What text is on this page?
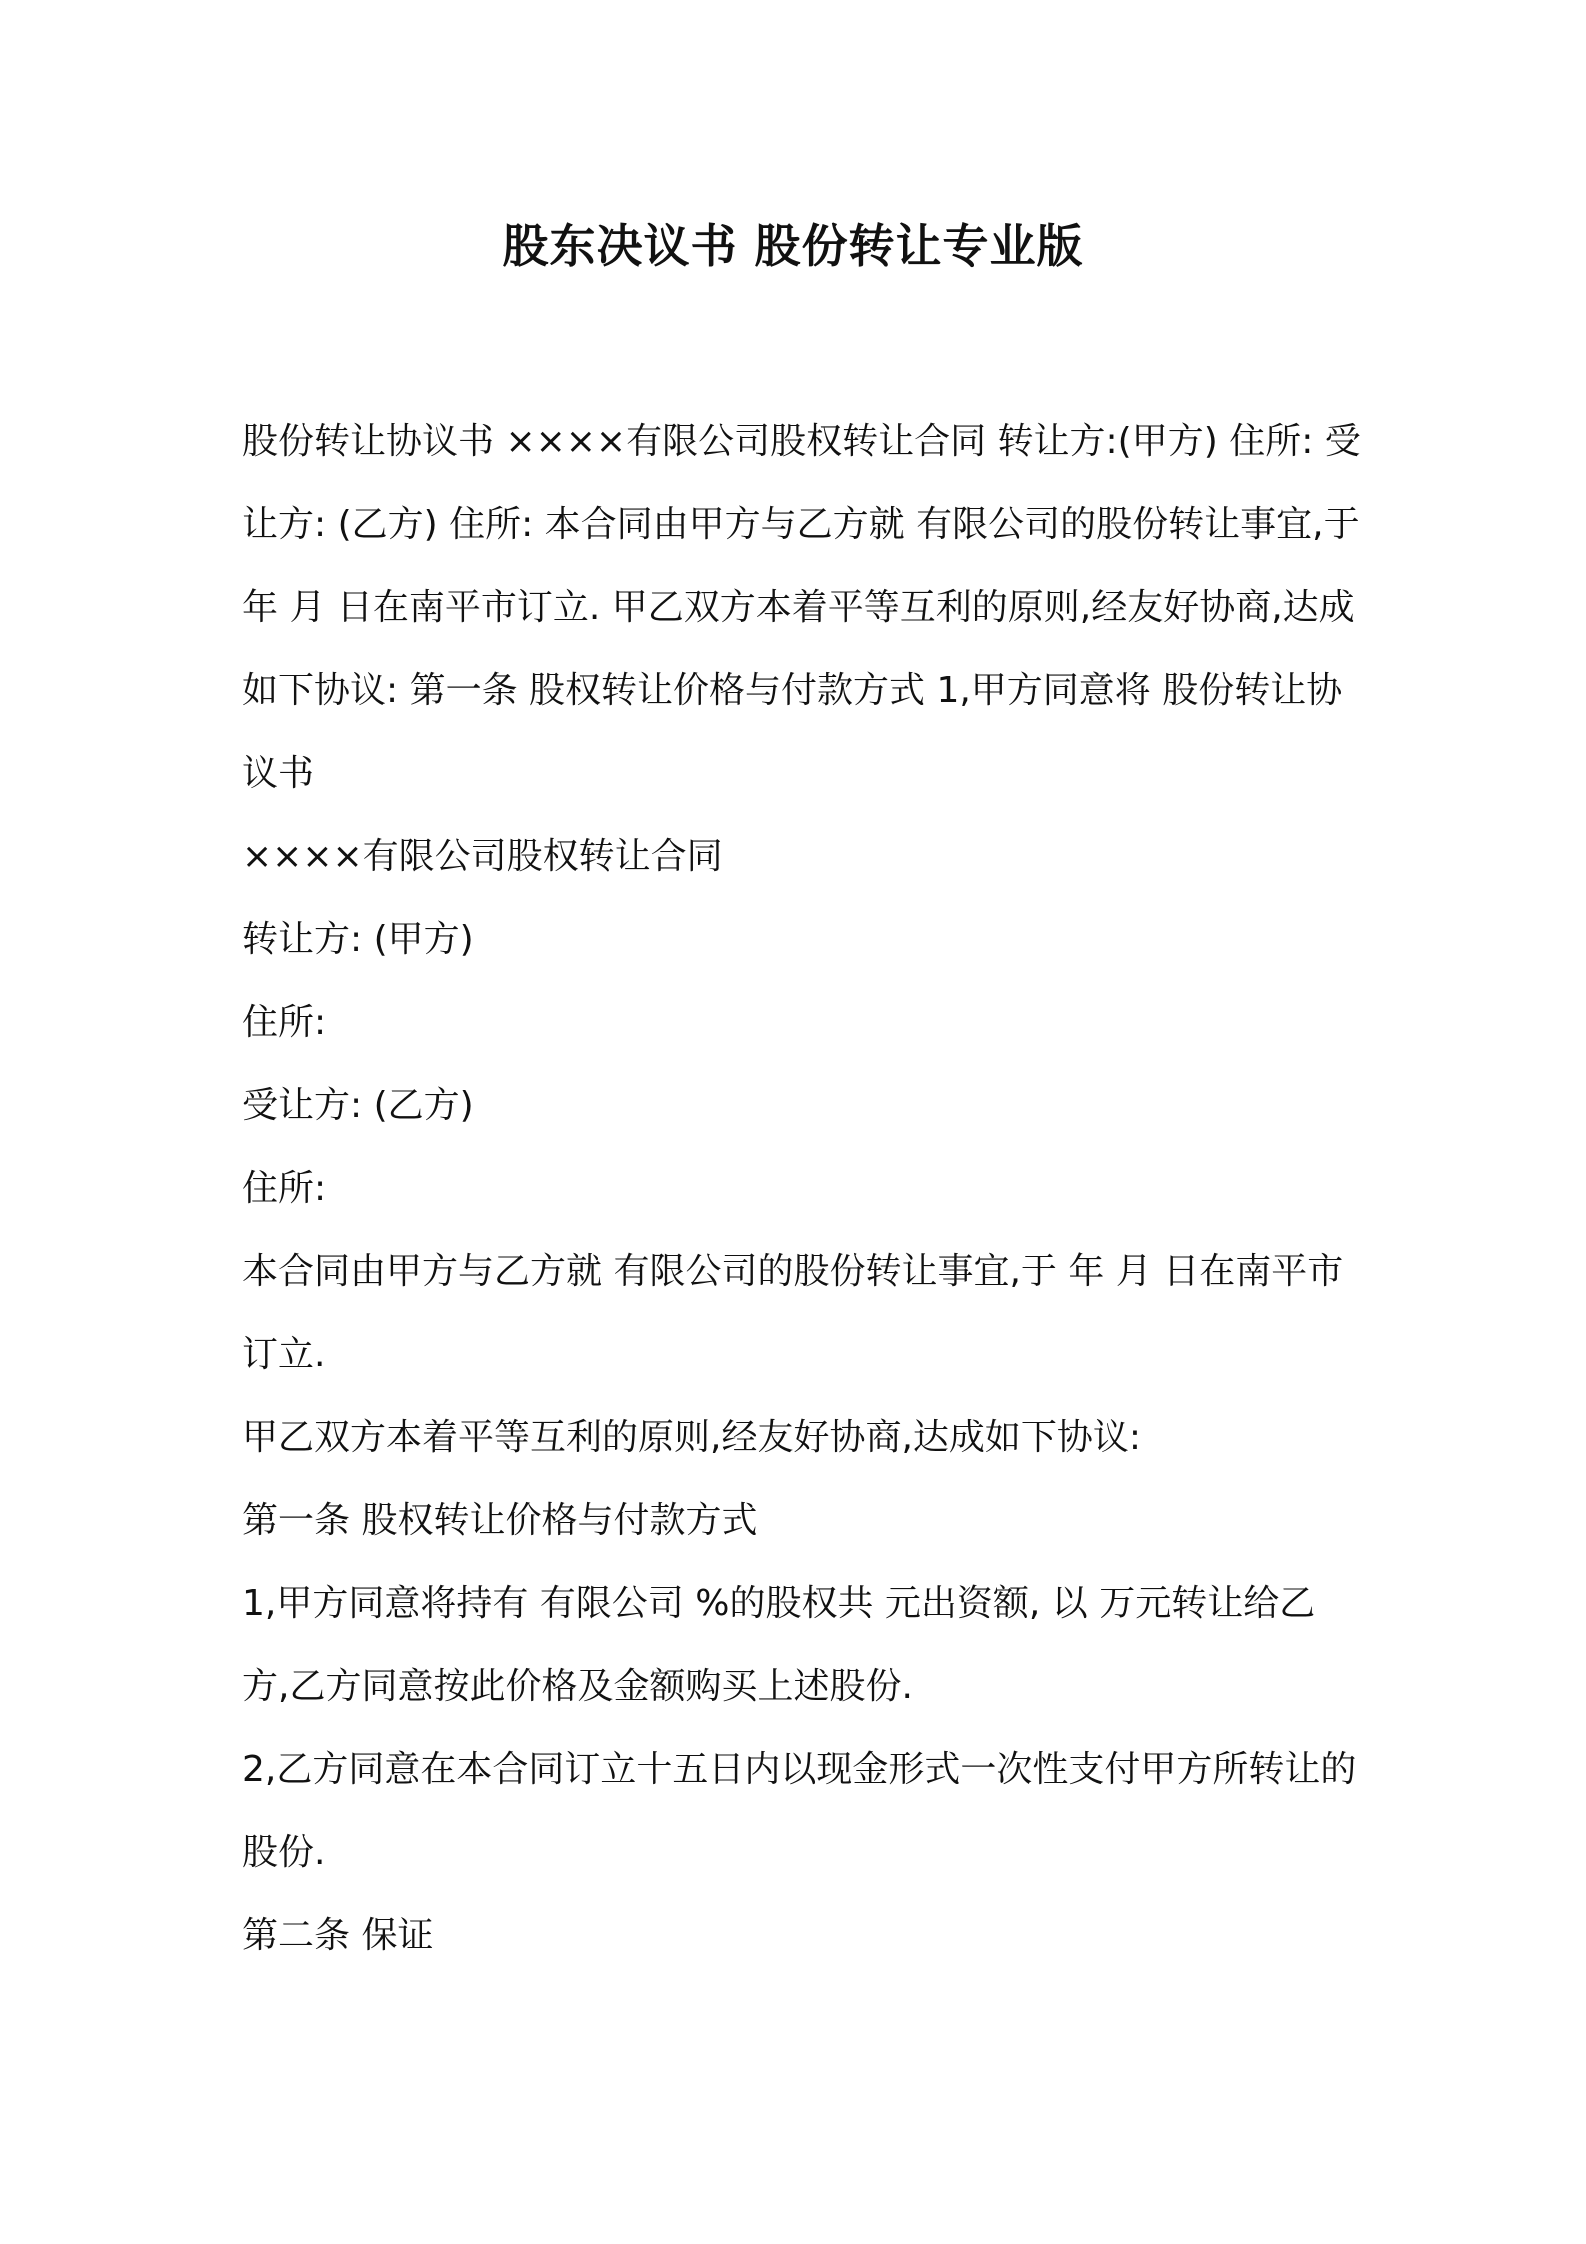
股东决议书 股份转让专业版

股份转让协议书 ××××有限公司股权转让合同 转让方:(甲方) 住所: 受让方: (乙方) 住所: 本合同由甲方与乙方就 有限公司的股份转让事宜,于 年 月 日在南平市订立. 甲乙双方本着平等互利的原则,经友好协商,达成如下协议: 第一条 股权转让价格与付款方式 1,甲方同意将 股份转让协议书

××××有限公司股权转让合同

转让方: (甲方)

住所:

受让方: (乙方)

住所:

本合同由甲方与乙方就 有限公司的股份转让事宜,于 年 月 日在南平市订立.

甲乙双方本着平等互利的原则,经友好协商,达成如下协议:

第一条 股权转让价格与付款方式

1,甲方同意将持有 有限公司 %的股权共 元出资额, 以 万元转让给乙方,乙方同意按此价格及金额购买上述股份.

2,乙方同意在本合同订立十五日内以现金形式一次性支付甲方所转让的股份.

第二条 保证
